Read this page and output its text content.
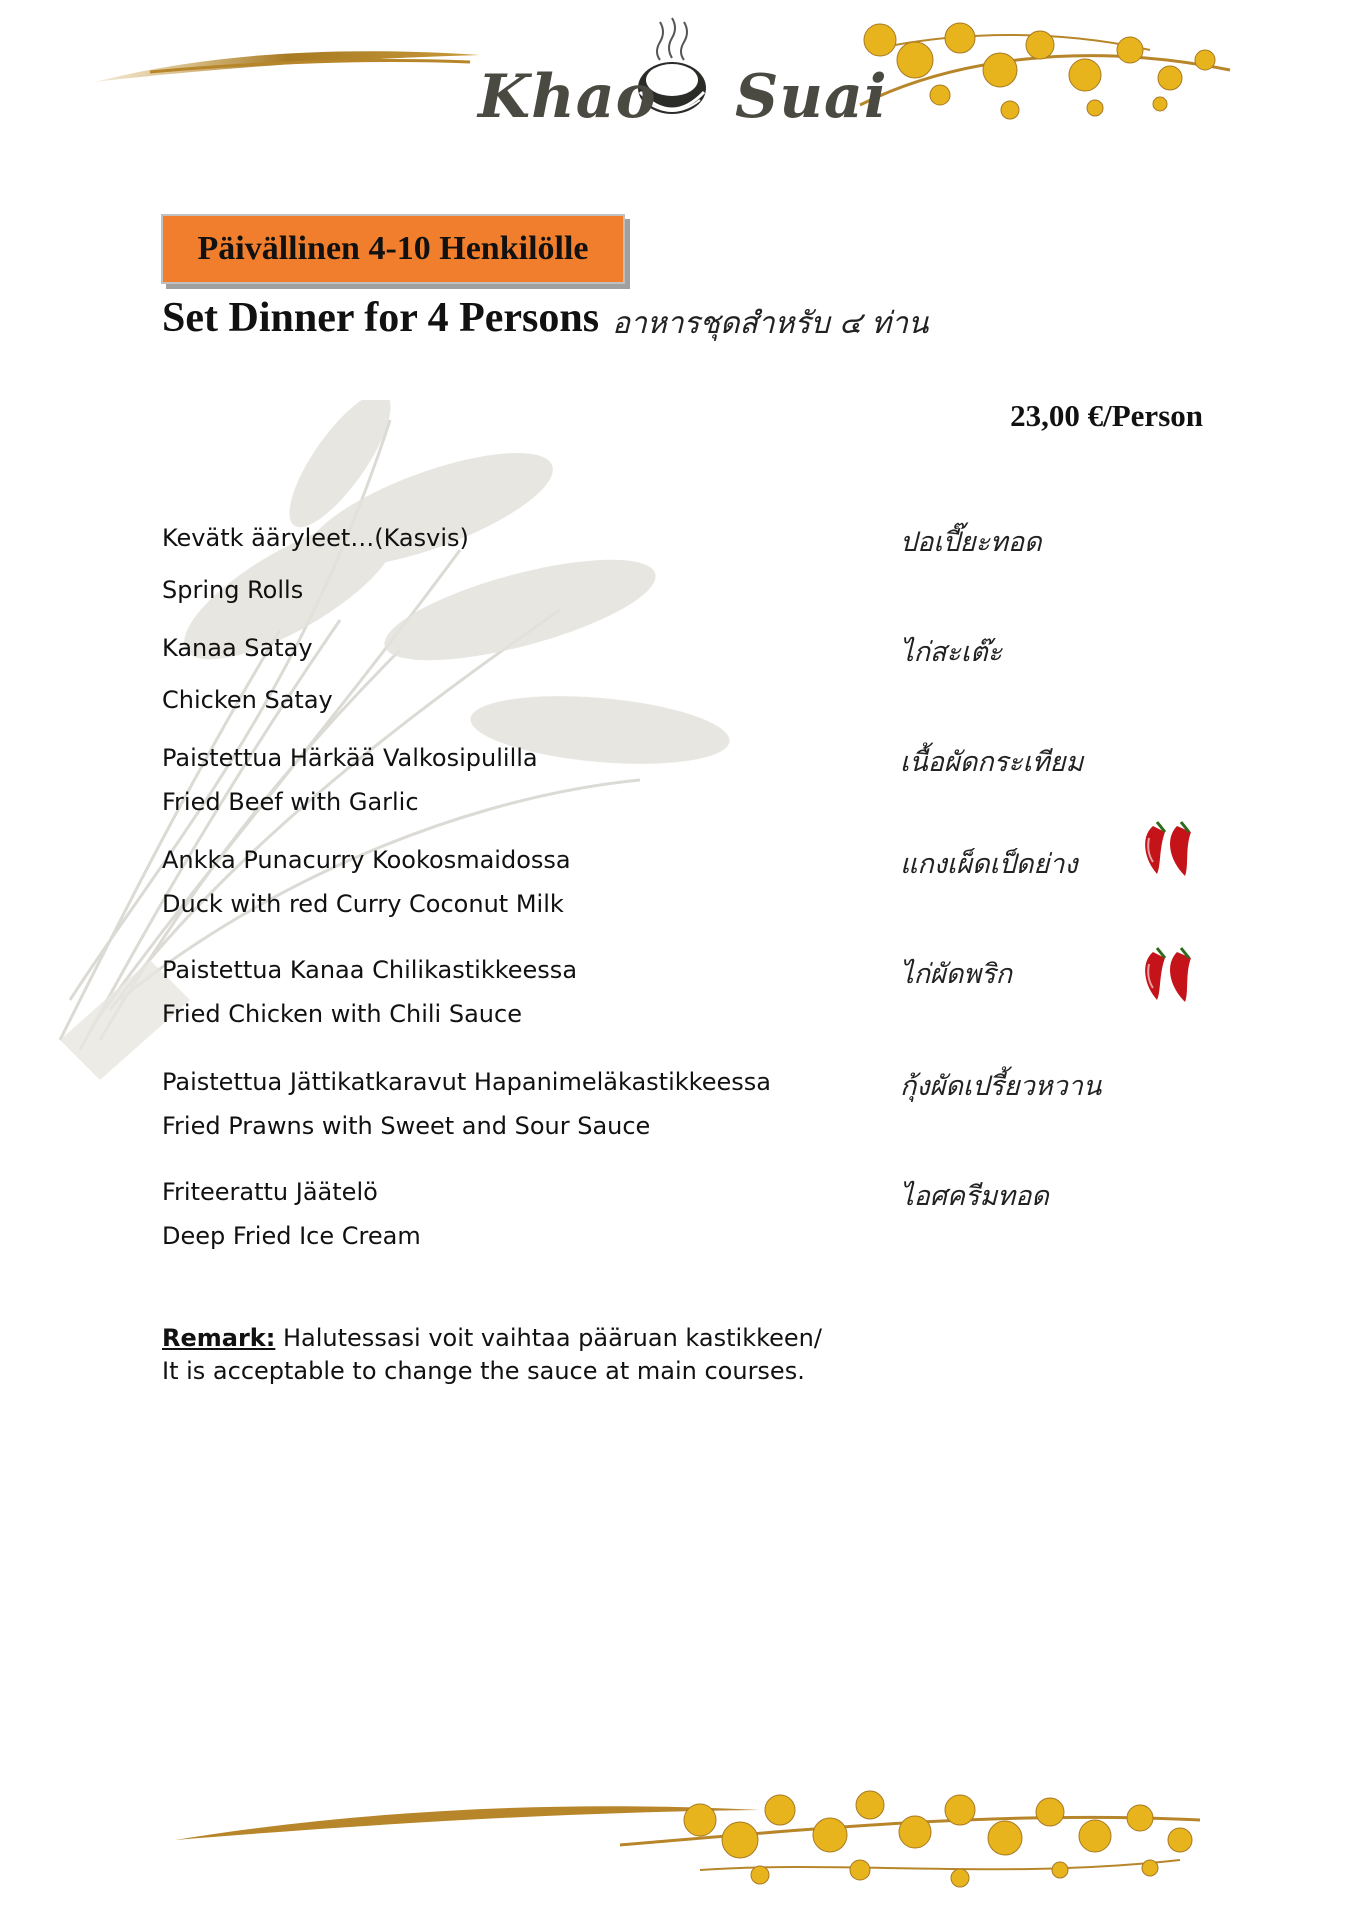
Khao Suai
Päivällinen 4-10 Henkilölle
Set Dinner for 4 Persons อาหารชุดสำหรับ ๔ ท่าน
23,00 €/Person
Kevätk ääryleet…(Kasvis)
Spring Rolls
ปอเปี๊ยะทอด
Kanaa Satay
Chicken Satay
ไก่สะเต๊ะ
Paistettua Härkää Valkosipulilla
Fried Beef with Garlic
เนื้อผัดกระเทียม
Ankka Punacurry Kookosmaidossa
Duck with red Curry Coconut Milk
แกงเผ็ดเป็ดย่าง
Paistettua Kanaa Chilikastikkeessa
Fried Chicken with Chili Sauce
ไก่ผัดพริก
Paistettua Jättikatkaravut Hapanimeläkastikkeessa
Fried Prawns with Sweet and Sour Sauce
กุ้งผัดเปรี้ยวหวาน
Friteerattu Jäätelö
Deep Fried Ice Cream
ไอศครีมทอด
Remark: Halutessasi voit vaihtaa pääruan kastikkeen/
It is acceptable to change the sauce at main courses.
